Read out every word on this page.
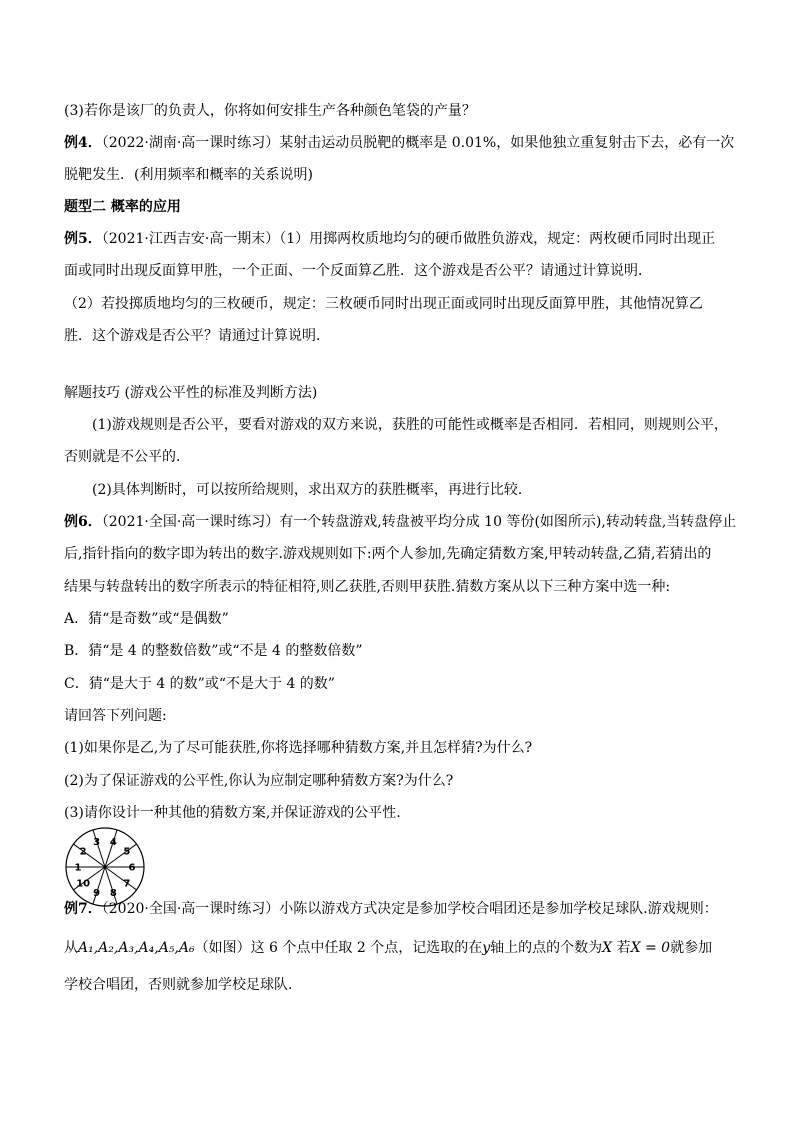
(3)若你是该厂的负责人，你将如何安排生产各种颜色笔袋的产量？
例4．（2022·湖南·高一课时练习）某射击运动员脱靶的概率是 0.01%，如果他独立重复射击下去，必有一次
脱靶发生．(利用频率和概率的关系说明)
题型二 概率的应用
例5．（2021·江西吉安·高一期末）（1）用掷两枚质地均匀的硬币做胜负游戏，规定：两枚硬币同时出现正
面或同时出现反面算甲胜，一个正面、一个反面算乙胜．这个游戏是否公平？请通过计算说明．
（2）若投掷质地均匀的三枚硬币，规定：三枚硬币同时出现正面或同时出现反面算甲胜，其他情况算乙
胜．这个游戏是否公平？请通过计算说明．
解题技巧 (游戏公平性的标准及判断方法)
(1)游戏规则是否公平，要看对游戏的双方来说，获胜的可能性或概率是否相同．若相同，则规则公平，
否则就是不公平的．
(2)具体判断时，可以按所给规则，求出双方的获胜概率，再进行比较．
例6．（2021·全国·高一课时练习）有一个转盘游戏,转盘被平均分成 10 等份(如图所示),转动转盘,当转盘停止
后,指针指向的数字即为转出的数字.游戏规则如下:两个人参加,先确定猜数方案,甲转动转盘,乙猜,若猜出的
结果与转盘转出的数字所表示的特征相符,则乙获胜,否则甲获胜.猜数方案从以下三种方案中选一种:
A．猜“是奇数”或“是偶数”
B．猜“是 4 的整数倍数”或“不是 4 的整数倍数”
C．猜“是大于 4 的数”或“不是大于 4 的数”
请回答下列问题:
(1)如果你是乙,为了尽可能获胜,你将选择哪种猜数方案,并且怎样猜?为什么?
(2)为了保证游戏的公平性,你认为应制定哪种猜数方案?为什么?
(3)请你设计一种其他的猜数方案,并保证游戏的公平性.
1
2
3 4
5
6
7
8
9
10
例7．（2020·全国·高一课时练习）小陈以游戏方式决定是参加学校合唱团还是参加学校足球队.游戏规则：
从A₁,A₂,A₃,A₄,A₅,A₆（如图）这 6 个点中任取 2 个点，记选取的在y轴上的点的个数为X 若X = 0就参加
学校合唱团，否则就参加学校足球队.
